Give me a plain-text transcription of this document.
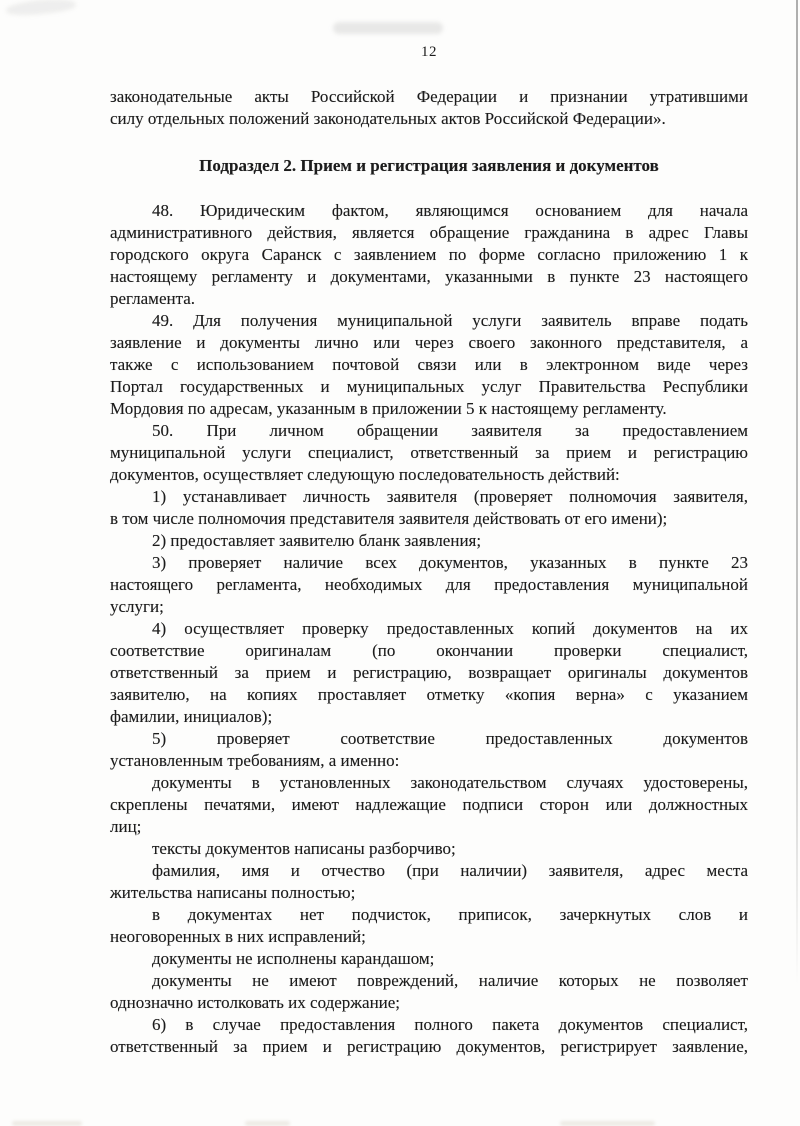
12
законодательные акты Российской Федерации и признании утратившими
силу отдельных положений законодательных актов Российской Федерации».
Подраздел 2. Прием и регистрация заявления и документов
48. Юридическим фактом, являющимся основанием для начала
административного действия, является обращение гражданина в адрес Главы
городского округа Саранск с заявлением по форме согласно приложению 1 к
настоящему регламенту и документами, указанными в пункте 23 настоящего
регламента.
49. Для получения муниципальной услуги заявитель вправе подать
заявление и документы лично или через своего законного представителя, а
также с использованием почтовой связи или в электронном виде через
Портал государственных и муниципальных услуг Правительства Республики
Мордовия по адресам, указанным в приложении 5 к настоящему регламенту.
50. При личном обращении заявителя за предоставлением
муниципальной услуги специалист, ответственный за прием и регистрацию
документов, осуществляет следующую последовательность действий:
1) устанавливает личность заявителя (проверяет полномочия заявителя,
в том числе полномочия представителя заявителя действовать от его имени);
2) предоставляет заявителю бланк заявления;
3) проверяет наличие всех документов, указанных в пункте 23
настоящего регламента, необходимых для предоставления муниципальной
услуги;
4) осуществляет проверку предоставленных копий документов на их
соответствие оригиналам (по окончании проверки специалист,
ответственный за прием и регистрацию, возвращает оригиналы документов
заявителю, на копиях проставляет отметку «копия верна» с указанием
фамилии, инициалов);
5) проверяет соответствие предоставленных документов
установленным требованиям, а именно:
документы в установленных законодательством случаях удостоверены,
скреплены печатями, имеют надлежащие подписи сторон или должностных
лиц;
тексты документов написаны разборчиво;
фамилия, имя и отчество (при наличии) заявителя, адрес места
жительства написаны полностью;
в документах нет подчисток, приписок, зачеркнутых слов и
неоговоренных в них исправлений;
документы не исполнены карандашом;
документы не имеют повреждений, наличие которых не позволяет
однозначно истолковать их содержание;
6) в случае предоставления полного пакета документов специалист,
ответственный за прием и регистрацию документов, регистрирует заявление,
